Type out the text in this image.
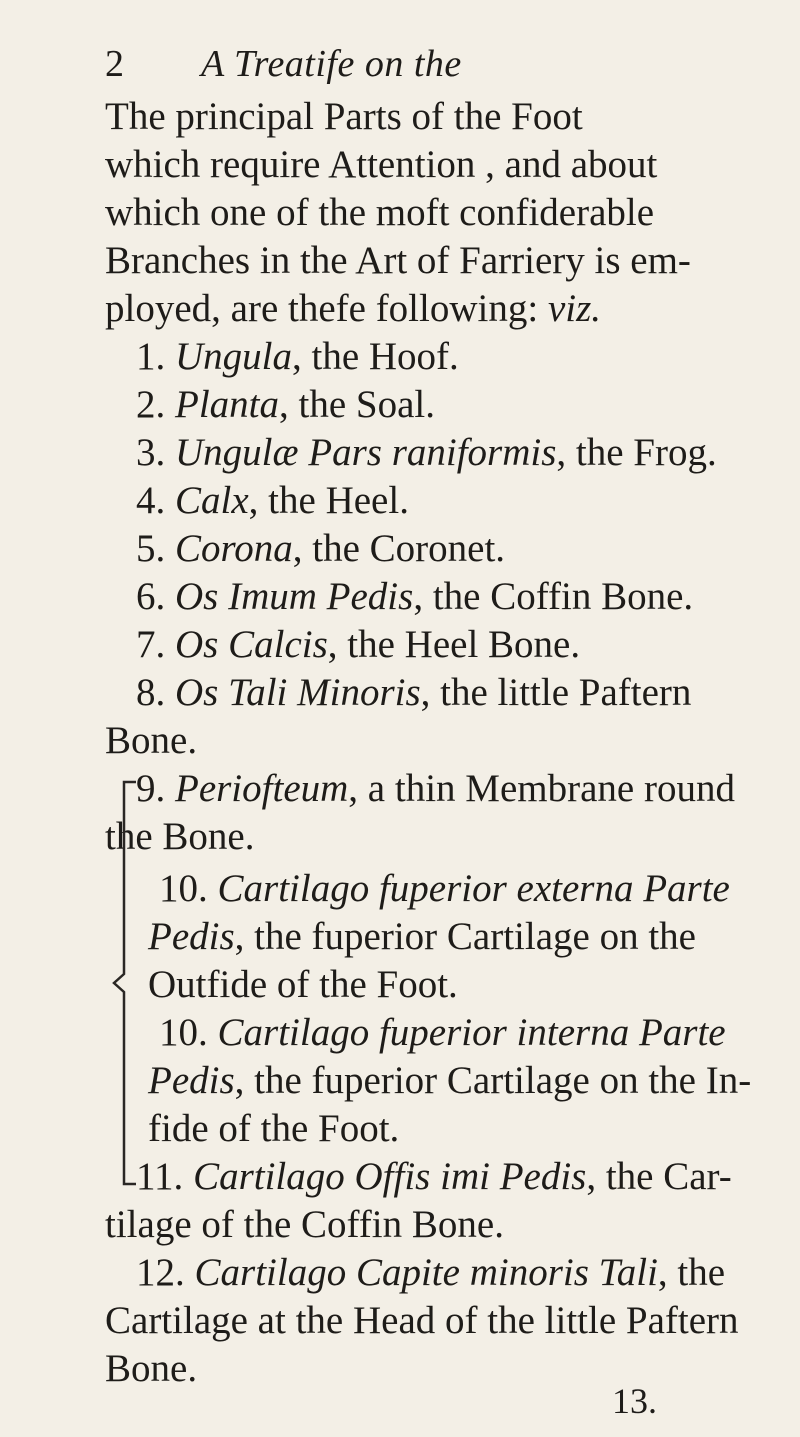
2 A Treatife on the
The principal Parts of the Foot
which require Attention , and about
which one of the moft confiderable
Branches in the Art of Farriery is em-
ployed, are thefe following: viz.
1. Ungula, the Hoof.
2. Planta, the Soal.
3. Ungulæ Pars raniformis, the Frog.
4. Calx, the Heel.
5. Corona, the Coronet.
6. Os Imum Pedis, the Coffin Bone.
7. Os Calcis, the Heel Bone.
8. Os Tali Minoris, the little Paftern
Bone.
9. Periofteum, a thin Membrane round
the Bone.
10. Cartilago fuperior externa Parte
Pedis, the fuperior Cartilage on the
Outfide of the Foot.
10. Cartilago fuperior interna Parte
Pedis, the fuperior Cartilage on the In-
fide of the Foot.
11. Cartilago Offis imi Pedis, the Car-
tilage of the Coffin Bone.
12. Cartilago Capite minoris Tali, the
Cartilage at the Head of the little Paftern
Bone.
13.
